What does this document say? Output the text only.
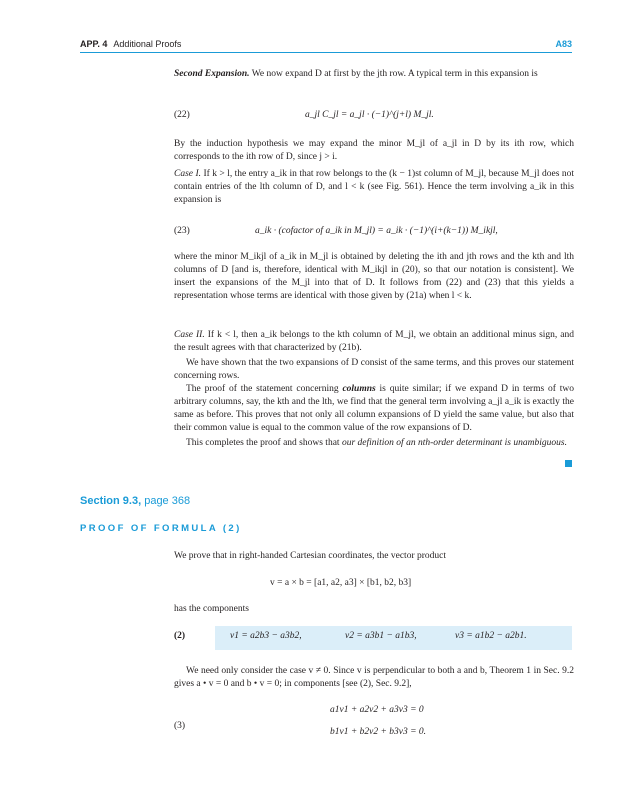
APP. 4 Additional Proofs	A83
Second Expansion. We now expand D at first by the jth row. A typical term in this expansion is
(22)	a_jl C_jl = a_jl · (−1)^(j+l) M_jl.
By the induction hypothesis we may expand the minor M_jl of a_jl in D by its ith row, which corresponds to the ith row of D, since j > i.
Case I. If k > l, the entry a_ik in that row belongs to the (k − 1)st column of M_jl, because M_jl does not contain entries of the lth column of D, and l < k (see Fig. 561). Hence the term involving a_ik in this expansion is
(23)	a_ik · (cofactor of a_ik in M_jl) = a_ik · (−1)^(i+(k−1)) M_ikjl,
where the minor M_ikjl of a_ik in M_jl is obtained by deleting the ith and jth rows and the kth and lth columns of D [and is, therefore, identical with M_ikjl in (20), so that our notation is consistent]. We insert the expansions of the M_jl into that of D. It follows from (22) and (23) that this yields a representation whose terms are identical with those given by (21a) when l < k.
Case II. If k < l, then a_ik belongs to the kth column of M_jl, we obtain an additional minus sign, and the result agrees with that characterized by (21b).
We have shown that the two expansions of D consist of the same terms, and this proves our statement concerning rows.
The proof of the statement concerning columns is quite similar; if we expand D in terms of two arbitrary columns, say, the kth and the lth, we find that the general term involving a_jl a_ik is exactly the same as before. This proves that not only all column expansions of D yield the same value, but also that their common value is equal to the common value of the row expansions of D.
This completes the proof and shows that our definition of an nth-order determinant is unambiguous.
Section 9.3, page 368
PROOF OF FORMULA (2)
We prove that in right-handed Cartesian coordinates, the vector product
v = a × b = [a1, a2, a3] × [b1, b2, b3]
has the components
(2)	v1 = a2b3 − a3b2,	v2 = a3b1 − a1b3,	v3 = a1b2 − a2b1.
We need only consider the case v ≠ 0. Since v is perpendicular to both a and b, Theorem 1 in Sec. 9.2 gives a • v = 0 and b • v = 0; in components [see (2), Sec. 9.2],
(3)
a1v1 + a2v2 + a3v3 = 0
b1v1 + b2v2 + b3v3 = 0.
